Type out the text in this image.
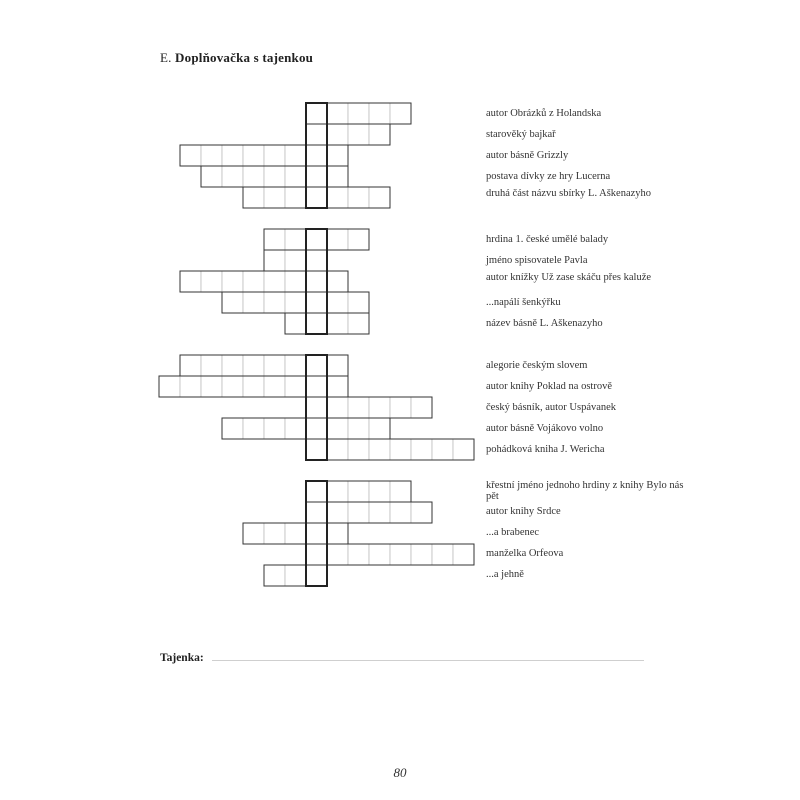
E. Doplňovačka s tajenkou
autor Obrázků z Holandska
starověký bajkař
autor básně Grizzly
postava dívky ze hry Lucerna
druhá část názvu sbírky L. Aškenazyho
hrdina 1. české umělé balady
jméno spisovatele Pavla
autor knížky Už zase skáču přes kaluže
...napálí šenkýřku
název básně L. Aškenazyho
alegorie českým slovem
autor knihy Poklad na ostrově
český básník, autor Uspávanek
autor básně Vojákovo volno
pohádková kniha J. Wericha
křestní jméno jednoho hrdiny z knihy Bylo nás pět
autor knihy Srdce
...a brabenec
manželka Orfeova
...a jehně
Tajenka:
80
